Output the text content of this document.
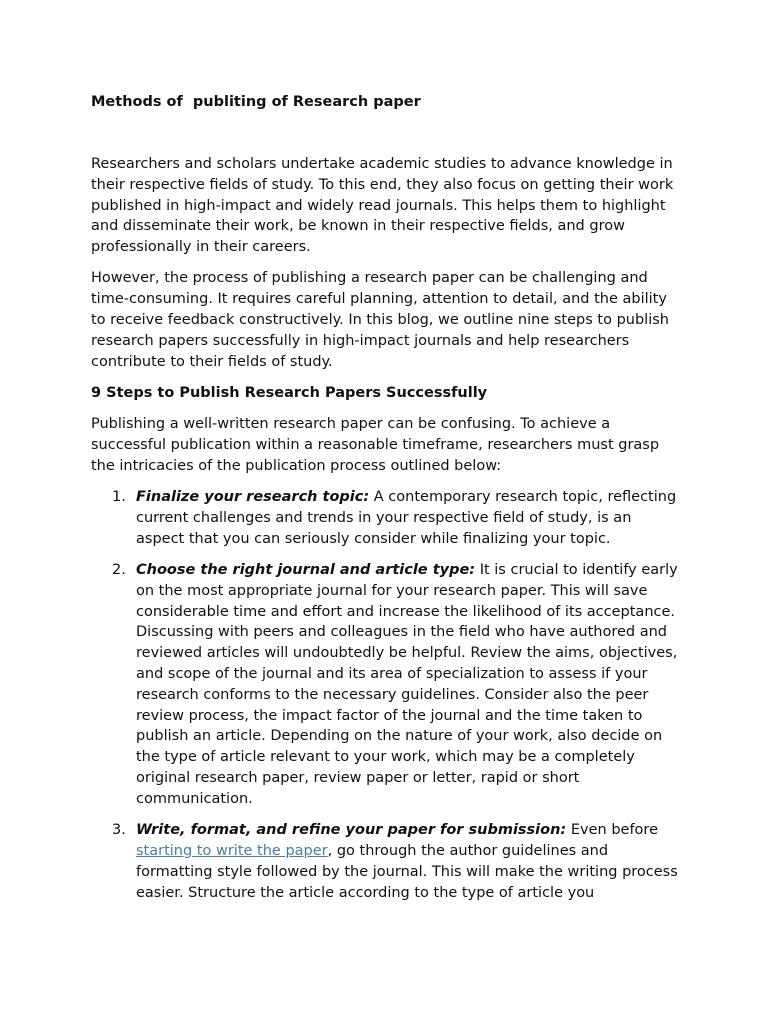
Methods of  publiting of Research paper

Researchers and scholars undertake academic studies to advance knowledge in their respective fields of study. To this end, they also focus on getting their work published in high-impact and widely read journals. This helps them to highlight and disseminate their work, be known in their respective fields, and grow professionally in their careers.

However, the process of publishing a research paper can be challenging and time-consuming. It requires careful planning, attention to detail, and the ability to receive feedback constructively. In this blog, we outline nine steps to publish research papers successfully in high-impact journals and help researchers contribute to their fields of study.

9 Steps to Publish Research Papers Successfully

Publishing a well-written research paper can be confusing. To achieve a successful publication within a reasonable timeframe, researchers must grasp the intricacies of the publication process outlined below:

1. Finalize your research topic: A contemporary research topic, reflecting current challenges and trends in your respective field of study, is an aspect that you can seriously consider while finalizing your topic.
2. Choose the right journal and article type: It is crucial to identify early on the most appropriate journal for your research paper. This will save considerable time and effort and increase the likelihood of its acceptance. Discussing with peers and colleagues in the field who have authored and reviewed articles will undoubtedly be helpful. Review the aims, objectives, and scope of the journal and its area of specialization to assess if your research conforms to the necessary guidelines. Consider also the peer review process, the impact factor of the journal and the time taken to publish an article. Depending on the nature of your work, also decide on the type of article relevant to your work, which may be a completely original research paper, review paper or letter, rapid or short communication.
3. Write, format, and refine your paper for submission: Even before starting to write the paper, go through the author guidelines and formatting style followed by the journal. This will make the writing process easier. Structure the article according to the type of article you
